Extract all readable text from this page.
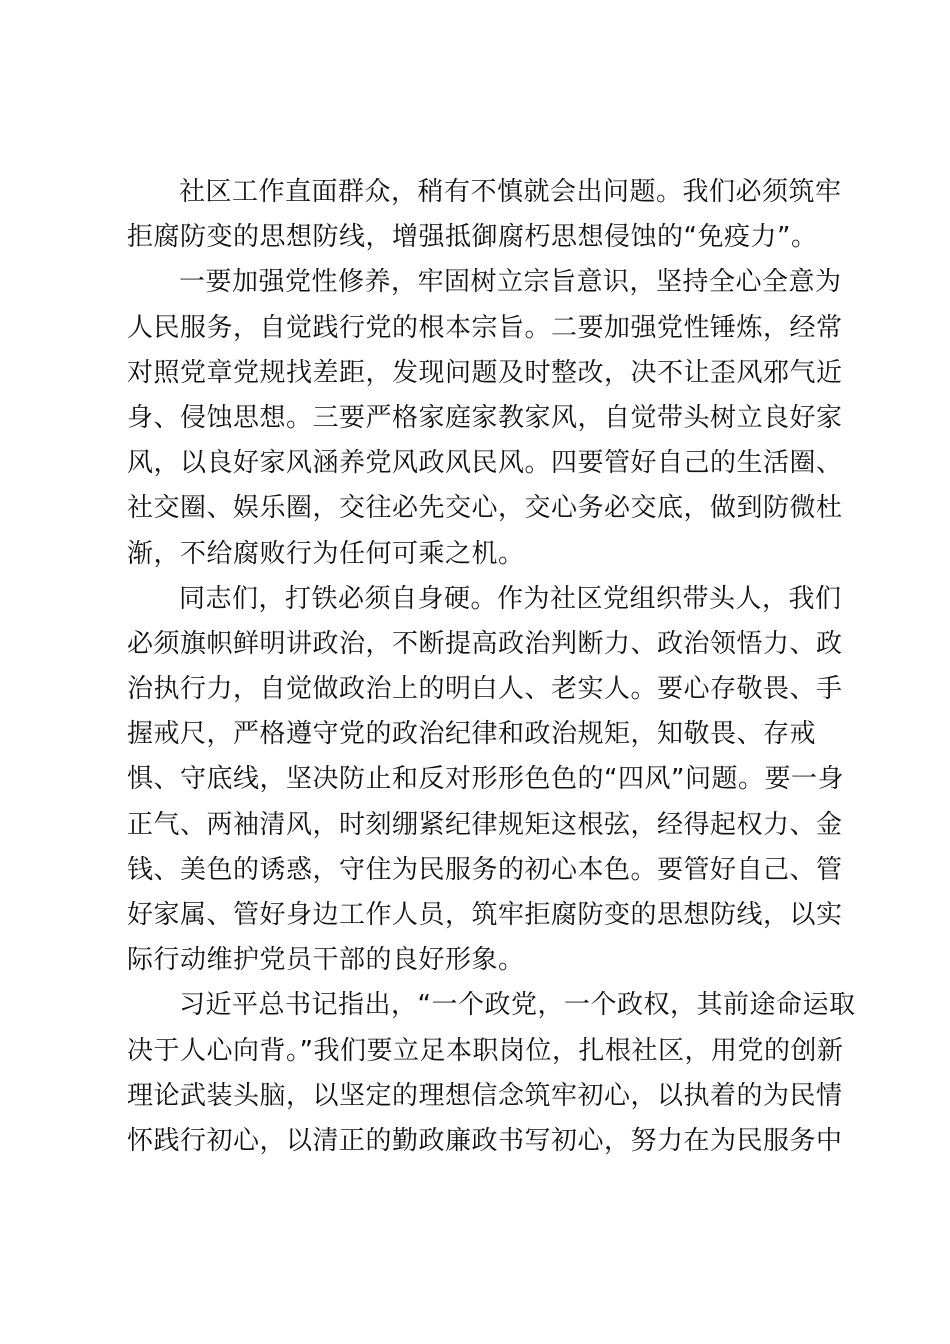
社区工作直面群众，稍有不慎就会出问题。我们必须筑牢
拒腐防变的思想防线，增强抵御腐朽思想侵蚀的“免疫力”。
一要加强党性修养，牢固树立宗旨意识，坚持全心全意为
人民服务，自觉践行党的根本宗旨。二要加强党性锤炼，经常
对照党章党规找差距，发现问题及时整改，决不让歪风邪气近
身、侵蚀思想。三要严格家庭家教家风，自觉带头树立良好家
风，以良好家风涵养党风政风民风。四要管好自己的生活圈、
社交圈、娱乐圈，交往必先交心，交心务必交底，做到防微杜
渐，不给腐败行为任何可乘之机。
同志们，打铁必须自身硬。作为社区党组织带头人，我们
必须旗帜鲜明讲政治，不断提高政治判断力、政治领悟力、政
治执行力，自觉做政治上的明白人、老实人。要心存敬畏、手
握戒尺，严格遵守党的政治纪律和政治规矩，知敬畏、存戒
惧、守底线，坚决防止和反对形形色色的“四风”问题。要一身
正气、两袖清风，时刻绷紧纪律规矩这根弦，经得起权力、金
钱、美色的诱惑，守住为民服务的初心本色。要管好自己、管
好家属、管好身边工作人员，筑牢拒腐防变的思想防线，以实
际行动维护党员干部的良好形象。
习近平总书记指出，“一个政党，一个政权，其前途命运取
决于人心向背。”我们要立足本职岗位，扎根社区，用党的创新
理论武装头脑，以坚定的理想信念筑牢初心，以执着的为民情
怀践行初心，以清正的勤政廉政书写初心，努力在为民服务中
